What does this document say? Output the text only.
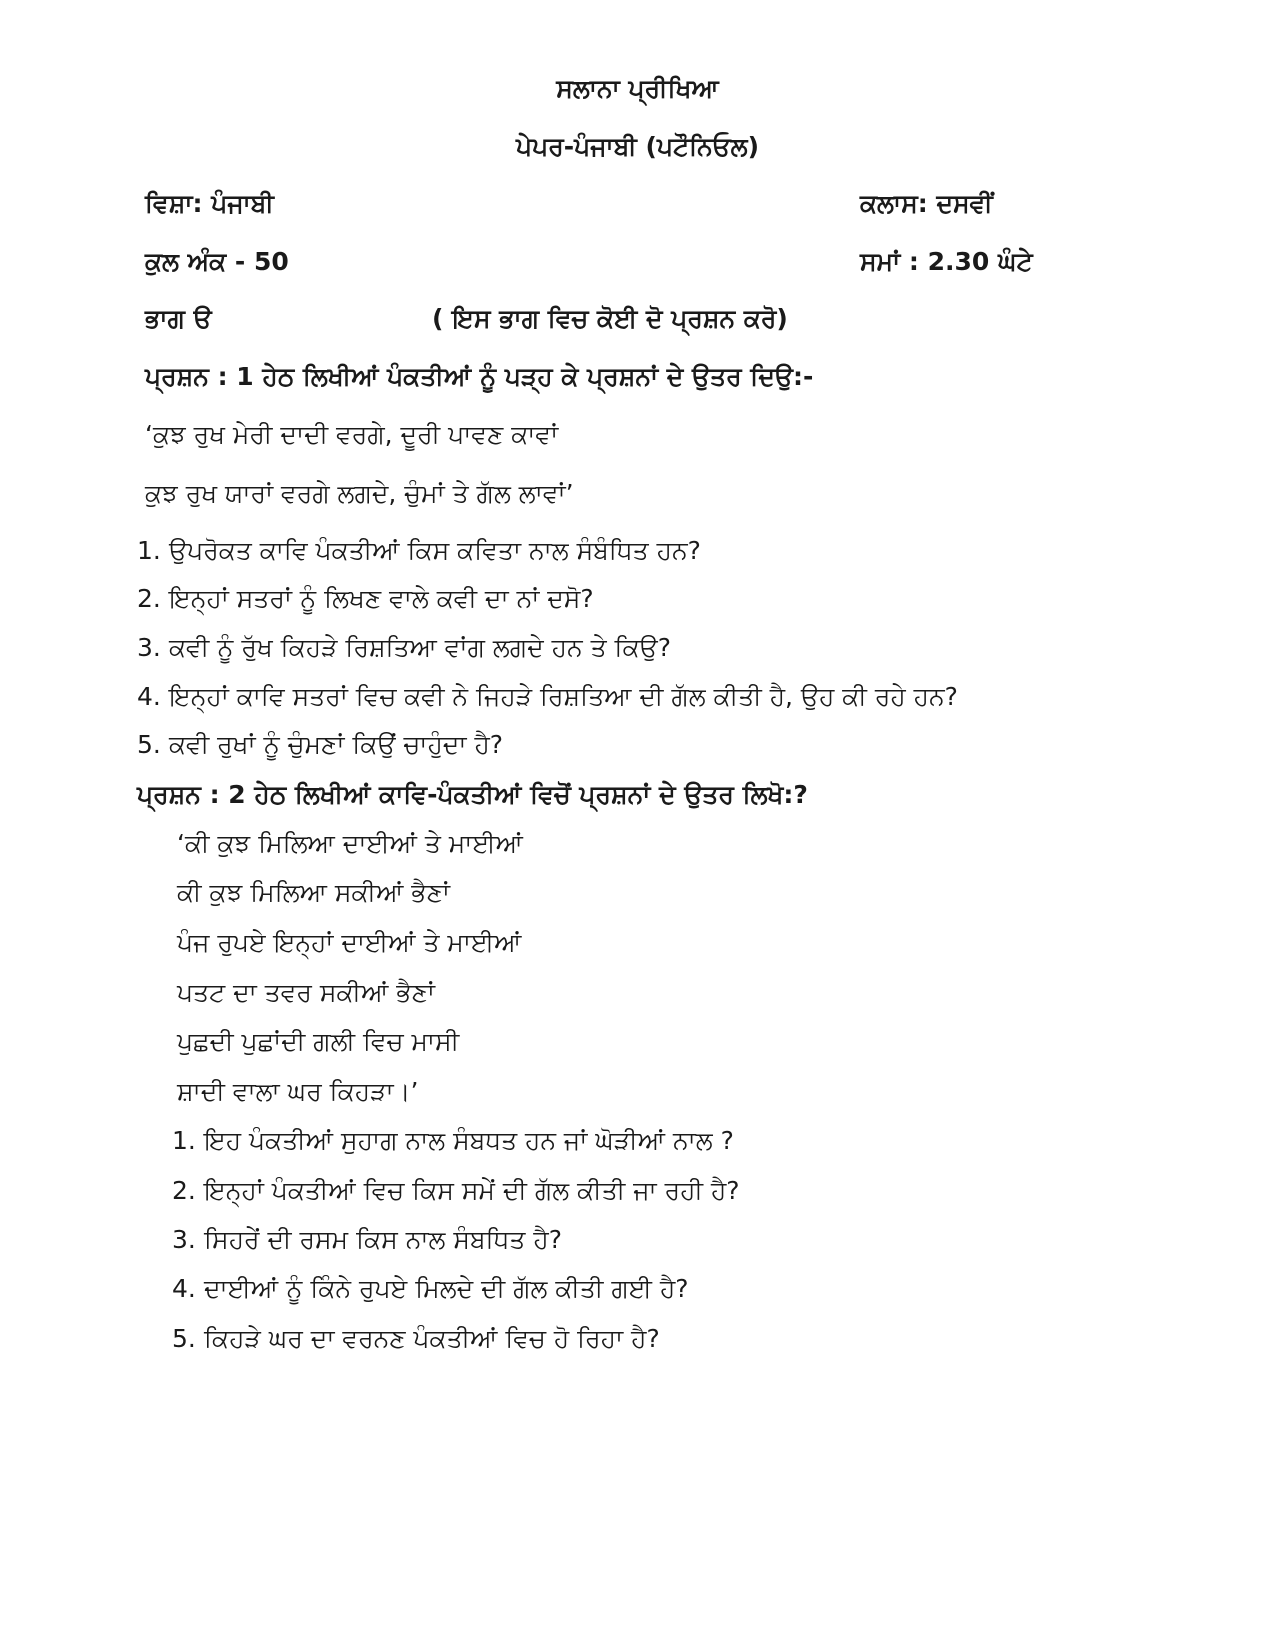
ਸਲਾਨਾ ਪ੍ਰੀਖਿਆ
ਪੇਪਰ-ਪੰਜਾਬੀ (ਪਟੌਨਿਓਲ)
ਵਿਸ਼ਾ: ਪੰਜਾਬੀ	ਕਲਾਸ: ਦਸਵੀਂ
ਕੁਲ ਅੰਕ - 50	ਸਮਾਂ : 2.30 ਘੰਟੇ
ਭਾਗ ੳ	( ਇਸ ਭਾਗ ਵਿਚ ਕੋਈ ਦੋ ਪ੍ਰਸ਼ਨ ਕਰੋ)
ਪ੍ਰਸ਼ਨ : 1 ਹੇਠ ਲਿਖੀਆਂ ਪੰਕਤੀਆਂ ਨੂੰ ਪੜ੍ਹ ਕੇ ਪ੍ਰਸ਼ਨਾਂ ਦੇ ਉਤਰ ਦਿਉ:-
‘ਕੁਝ ਰੁਖ ਮੇਰੀ ਦਾਦੀ ਵਰਗੇ, ਦੂਰੀ ਪਾਵਣ ਕਾਵਾਂ
ਕੁਝ ਰੁਖ ਯਾਰਾਂ ਵਰਗੇ ਲਗਦੇ, ਚੁੰਮਾਂ ਤੇ ਗੱਲ ਲਾਵਾਂ’
1. ਉਪਰੋਕਤ ਕਾਵਿ ਪੰਕਤੀਆਂ ਕਿਸ ਕਵਿਤਾ ਨਾਲ ਸੰਬੰਧਿਤ ਹਨ?
2. ਇਨ੍ਹਾਂ ਸਤਰਾਂ ਨੂੰ ਲਿਖਣ ਵਾਲੇ ਕਵੀ ਦਾ ਨਾਂ ਦਸੋ?
3. ਕਵੀ ਨੂੰ ਰੁੱਖ ਕਿਹੜੇ ਰਿਸ਼ਤਿਆ ਵਾਂਗ ਲਗਦੇ ਹਨ ਤੇ ਕਿਉ?
4. ਇਨ੍ਹਾਂ ਕਾਵਿ ਸਤਰਾਂ ਵਿਚ ਕਵੀ ਨੇ ਜਿਹੜੇ ਰਿਸ਼ਤਿਆ ਦੀ ਗੱਲ ਕੀਤੀ ਹੈ, ਉਹ ਕੀ ਰਹੇ ਹਨ?
5. ਕਵੀ ਰੁਖਾਂ ਨੂੰ ਚੁੰਮਣਾਂ ਕਿਉਂ ਚਾਹੁੰਦਾ ਹੈ?
ਪ੍ਰਸ਼ਨ : 2 ਹੇਠ ਲਿਖੀਆਂ ਕਾਵਿ-ਪੰਕਤੀਆਂ ਵਿਚੋਂ ਪ੍ਰਸ਼ਨਾਂ ਦੇ ਉਤਰ ਲਿਖੋ:?
‘ਕੀ ਕੁਝ ਮਿਲਿਆ ਦਾਈਆਂ ਤੇ ਮਾਈਆਂ
ਕੀ ਕੁਝ ਮਿਲਿਆ ਸਕੀਆਂ ਭੈਣਾਂ
ਪੰਜ ਰੁਪਏ ਇਨ੍ਹਾਂ ਦਾਈਆਂ ਤੇ ਮਾਈਆਂ
ਪਤਟ ਦਾ ਤਵਰ ਸਕੀਆਂ ਭੈਣਾਂ
ਪੁਛਦੀ ਪੁਛਾਂਦੀ ਗਲੀ ਵਿਚ ਮਾਸੀ
ਸ਼ਾਦੀ ਵਾਲਾ ਘਰ ਕਿਹੜਾ।’
1. ਇਹ ਪੰਕਤੀਆਂ ਸੁਹਾਗ ਨਾਲ ਸੰਬਧਤ ਹਨ ਜਾਂ ਘੋੜੀਆਂ ਨਾਲ ?
2. ਇਨ੍ਹਾਂ ਪੰਕਤੀਆਂ ਵਿਚ ਕਿਸ ਸਮੇਂ ਦੀ ਗੱਲ ਕੀਤੀ ਜਾ ਰਹੀ ਹੈ?
3. ਸਿਹਰੇਂ ਦੀ ਰਸਮ ਕਿਸ ਨਾਲ ਸੰਬਧਿਤ ਹੈ?
4. ਦਾਈਆਂ ਨੂੰ ਕਿੰਨੇ ਰੁਪਏ ਮਿਲਦੇ ਦੀ ਗੱਲ ਕੀਤੀ ਗਈ ਹੈ?
5. ਕਿਹੜੇ ਘਰ ਦਾ ਵਰਨਣ ਪੰਕਤੀਆਂ ਵਿਚ ਹੋ ਰਿਹਾ ਹੈ?
